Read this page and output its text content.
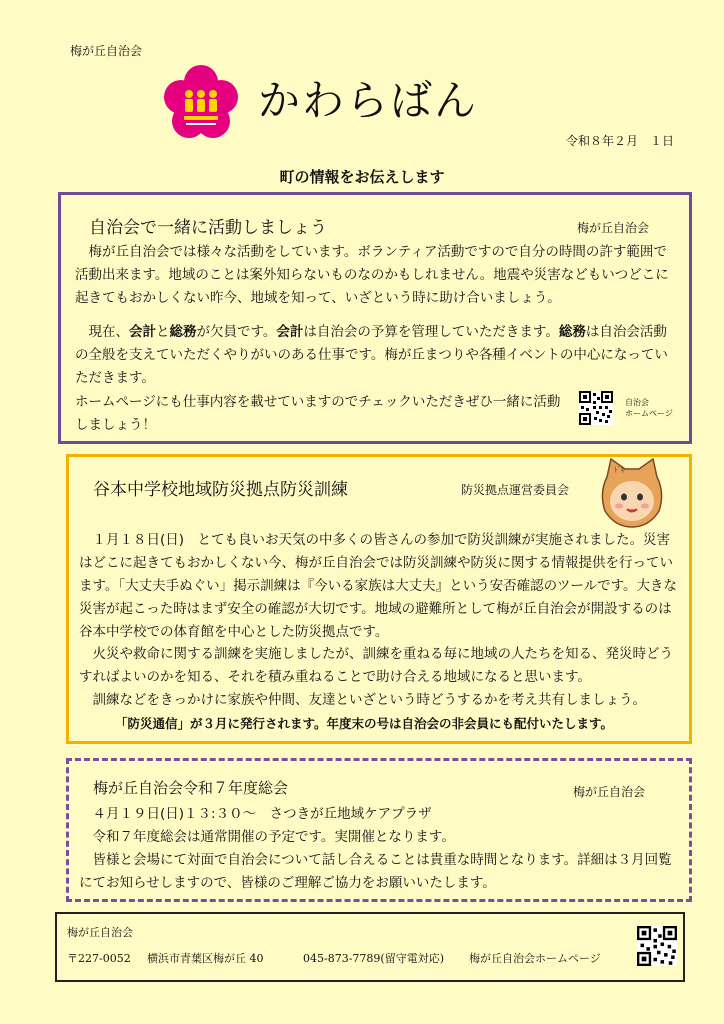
梅が丘自治会
かわらばん
令和８年２月　１日
町の情報をお伝えします
自治会で一緒に活動しましょう	梅が丘自治会
梅が丘自治会では様々な活動をしています。ボランティア活動ですので自分の時間の許す範囲で活動出来ます。地域のことは案外知らないものなのかもしれません。地震や災害などもいつどこに起きてもおかしくない昨今、地域を知って、いざという時に助け合いましょう。
現在、会計と総務が欠員です。会計は自治会の予算を管理していただきます。総務は自治会活動の全般を支えていただくやりがいのある仕事です。梅が丘まつりや各種イベントの中心になっていただきます。
ホームページにも仕事内容を載せていますのでチェックいただきぜひ一緒に活動しましょう！
自治会
ホームページ
谷本中学校地域防災拠点防災訓練	防災拠点運営委員会
ﾄﾞｷ
１月１８日(日)　とても良いお天気の中多くの皆さんの参加で防災訓練が実施されました。災害はどこに起きてもおかしくない今、梅が丘自治会では防災訓練や防災に関する情報提供を行っています。「大丈夫手ぬぐい」掲示訓練は『今いる家族は大丈夫』という安否確認のツールです。大きな災害が起こった時はまず安全の確認が大切です。地域の避難所として梅が丘自治会が開設するのは谷本中学校での体育館を中心とした防災拠点です。
火災や救命に関する訓練を実施しましたが、訓練を重ねる毎に地域の人たちを知る、発災時どうすればよいのかを知る、それを積み重ねることで助け合える地域になると思います。
訓練などをきっかけに家族や仲間、友達といざという時どうするかを考え共有しましょう。
「防災通信」が３月に発行されます。年度末の号は自治会の非会員にも配付いたします。
梅が丘自治会令和７年度総会	梅が丘自治会
４月１９日(日)１３:３０～　さつきが丘地域ケアプラザ
令和７年度総会は通常開催の予定です。実開催となります。
皆様と会場にて対面で自治会について話し合えることは貴重な時間となります。詳細は３月回覧にてお知らせしますので、皆様のご理解ご協力をお願いいたします。
梅が丘自治会
〒227-0052 横浜市青葉区梅が丘 40	045-873-7789(留守電対応) 梅が丘自治会ホームページ
